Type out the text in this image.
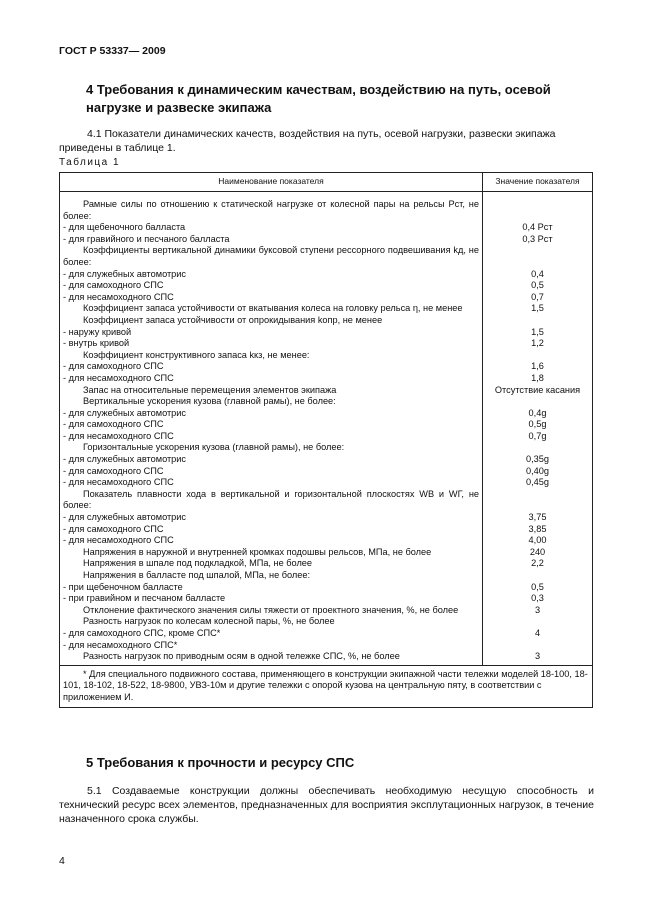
ГОСТ Р 53337— 2009
4 Требования к динамическим качествам, воздействию на путь, осевой нагрузке и развеске экипажа
4.1 Показатели динамических качеств, воздействия на путь, осевой нагрузки, развески экипажа приведены в таблице 1.
Таблица 1
Наименование показателя	Значение показателя

Рамные силы по отношению к статической нагрузке от колесной пары на рельсы Pст, не более:	
- для щебеночного балласта	0,4 Pст
- для гравийного и песчаного балласта	0,3 Pст
Коэффициенты вертикальной динамики буксовой ступени рессорного подвешивания kд, не более:	
- для служебных автомотрис	0,4
- для самоходного СПС	0,5
- для несамоходного СПС	0,7
Коэффициент запаса устойчивости от вкатывания колеса на головку рельса η, не менее	1,5
Коэффициент запаса устойчивости от опрокидывания kопр, не менее	
- наружу кривой	1,5
- внутрь кривой	1,2
Коэффициент конструктивного запаса kкз, не менее:	
- для самоходного СПС	1,6
- для несамоходного СПС	1,8
Запас на относительные перемещения элементов экипажа	Отсутствие касания
Вертикальные ускорения кузова (главной рамы), не более:	
- для служебных автомотрис	0,4g
- для самоходного СПС	0,5g
- для несамоходного СПС	0,7g
Горизонтальные ускорения кузова (главной рамы), не более:	
- для служебных автомотрис	0,35g
- для самоходного СПС	0,40g
- для несамоходного СПС	0,45g
Показатель плавности хода в вертикальной и горизонтальной плоскостях WВ и WГ, не более:	
- для служебных автомотрис	3,75
- для самоходного СПС	3,85
- для несамоходного СПС	4,00
Напряжения в наружной и внутренней кромках подошвы рельсов, МПа, не более	240
Напряжения в шпале под подкладкой, МПа, не более	2,2
Напряжения в балласте под шпалой, МПа, не более:	
- при щебеночном балласте	0,5
- при гравийном и песчаном балласте	0,3
Отклонение фактического значения силы тяжести от проектного значения, %, не более	3
Разность нагрузок по колесам колесной пары, %, не более	
- для самоходного СПС, кроме СПС*	4
- для несамоходного СПС*	
Разность нагрузок по приводным осям в одной тележке СПС, %, не более	3
* Для специального подвижного состава, применяющего в конструкции экипажной части тележки моделей 18-100, 18-101, 18-102, 18-522, 18-9800, УВЗ-10м и другие тележки с опорой кузова на центральную пяту, в соответствии с приложением И.	
5 Требования к прочности и ресурсу СПС
5.1 Создаваемые конструкции должны обеспечивать необходимую несущую способность и технический ресурс всех элементов, предназначенных для восприятия эксплутационных нагрузок, в течение назначенного срока службы.
4
